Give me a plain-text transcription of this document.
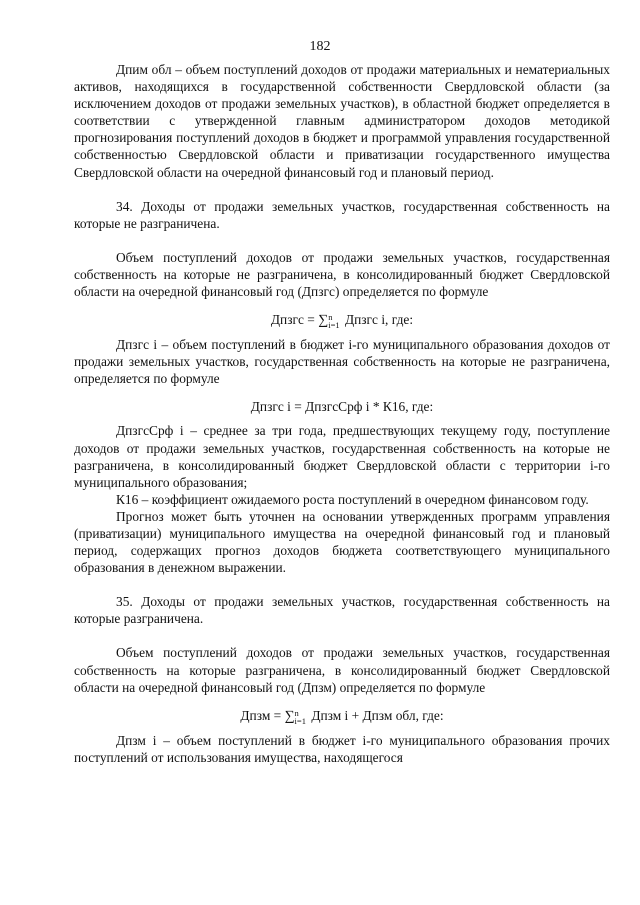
182

Дпим обл – объем поступлений доходов от продажи материальных и нематериальных активов, находящихся в государственной собственности Свердловской области (за исключением доходов от продажи земельных участков), в областной бюджет определяется в соответствии с утвержденной главным администратором доходов методикой прогнозирования поступлений доходов в бюджет и программой управления государственной собственностью Свердловской области и приватизации государственного имущества Свердловской области на очередной финансовый год и плановый период.

34. Доходы от продажи земельных участков, государственная собственность на которые не разграничена.

Объем поступлений доходов от продажи земельных участков, государственная собственность на которые не разграничена, в консолидированный бюджет Свердловской области на очередной финансовый год (Дпзгс) определяется по формуле

Дпзгс = ∑ n
i=1 Дпзгс i, где:

Дпзгс i – объем поступлений в бюджет i-го муниципального образования доходов от продажи земельных участков, государственная собственность на которые не разграничена, определяется по формуле

Дпзгс i = ДпзгсСрф i * К16, где:

ДпзгсСрф i – среднее за три года, предшествующих текущему году, поступление доходов от продажи земельных участков, государственная собственность на которые не разграничена, в консолидированный бюджет Свердловской области с территории i-го муниципального образования;

К16 – коэффициент ожидаемого роста поступлений в очередном финансовом году.

Прогноз может быть уточнен на основании утвержденных программ управления (приватизации) муниципального имущества на очередной финансовый год и плановый период, содержащих прогноз доходов бюджета соответствующего муниципального образования в денежном выражении.

35. Доходы от продажи земельных участков, государственная собственность на которые разграничена.

Объем поступлений доходов от продажи земельных участков, государственная собственность на которые разграничена, в консолидированный бюджет Свердловской области на очередной финансовый год (Дпзм) определяется по формуле

Дпзм = ∑ n
i=1 Дпзм i + Дпзм обл, где:

Дпзм i – объем поступлений в бюджет i-го муниципального образования прочих поступлений от использования имущества, находящегося
